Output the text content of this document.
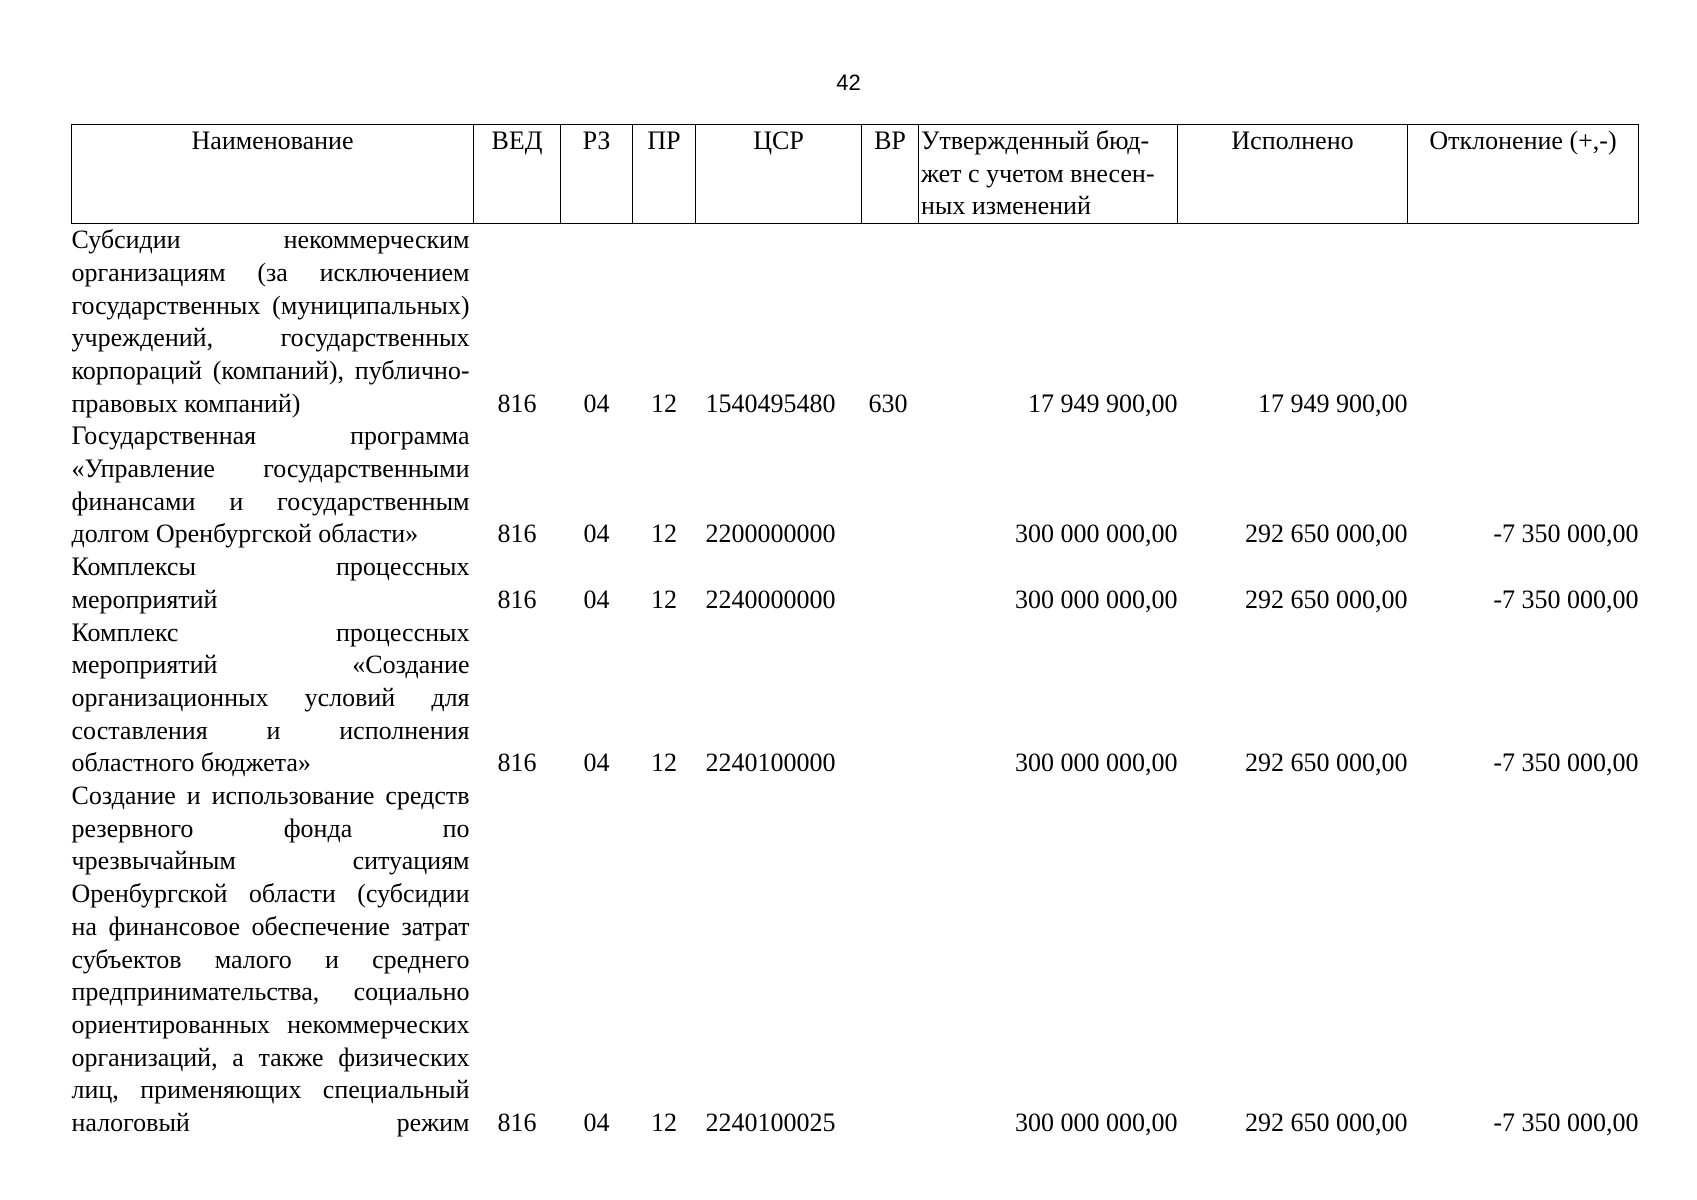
42
Наименование	ВЕД	РЗ	ПР	ЦСР	ВР	Утвержденный бюд-жет с учетом внесен-ных изменений	Исполнено	Отклонение (+,-)
Субсидии некоммерческим организациям (за исключением государственных (муниципальных) учреждений, государственных корпораций (компаний), публично-правовых компаний)	816	04	12	1540495480	630	17 949 900,00	17 949 900,00	
Государственная программа «Управление государственными финансами и государственным долгом Оренбургской области»	816	04	12	2200000000		300 000 000,00	292 650 000,00	-7 350 000,00
Комплексы процессных мероприятий	816	04	12	2240000000		300 000 000,00	292 650 000,00	-7 350 000,00
Комплекс процессных мероприятий «Создание организационных условий для составления и исполнения областного бюджета»	816	04	12	2240100000		300 000 000,00	292 650 000,00	-7 350 000,00
Создание и использование средств резервного фонда по чрезвычайным ситуациям Оренбургской области (субсидии на финансовое обеспечение затрат субъектов малого и среднего предпринимательства, социально ориентированных некоммерческих организаций, а также физических лиц, применяющих специальный налоговый режим	816	04	12	2240100025		300 000 000,00	292 650 000,00	-7 350 000,00
